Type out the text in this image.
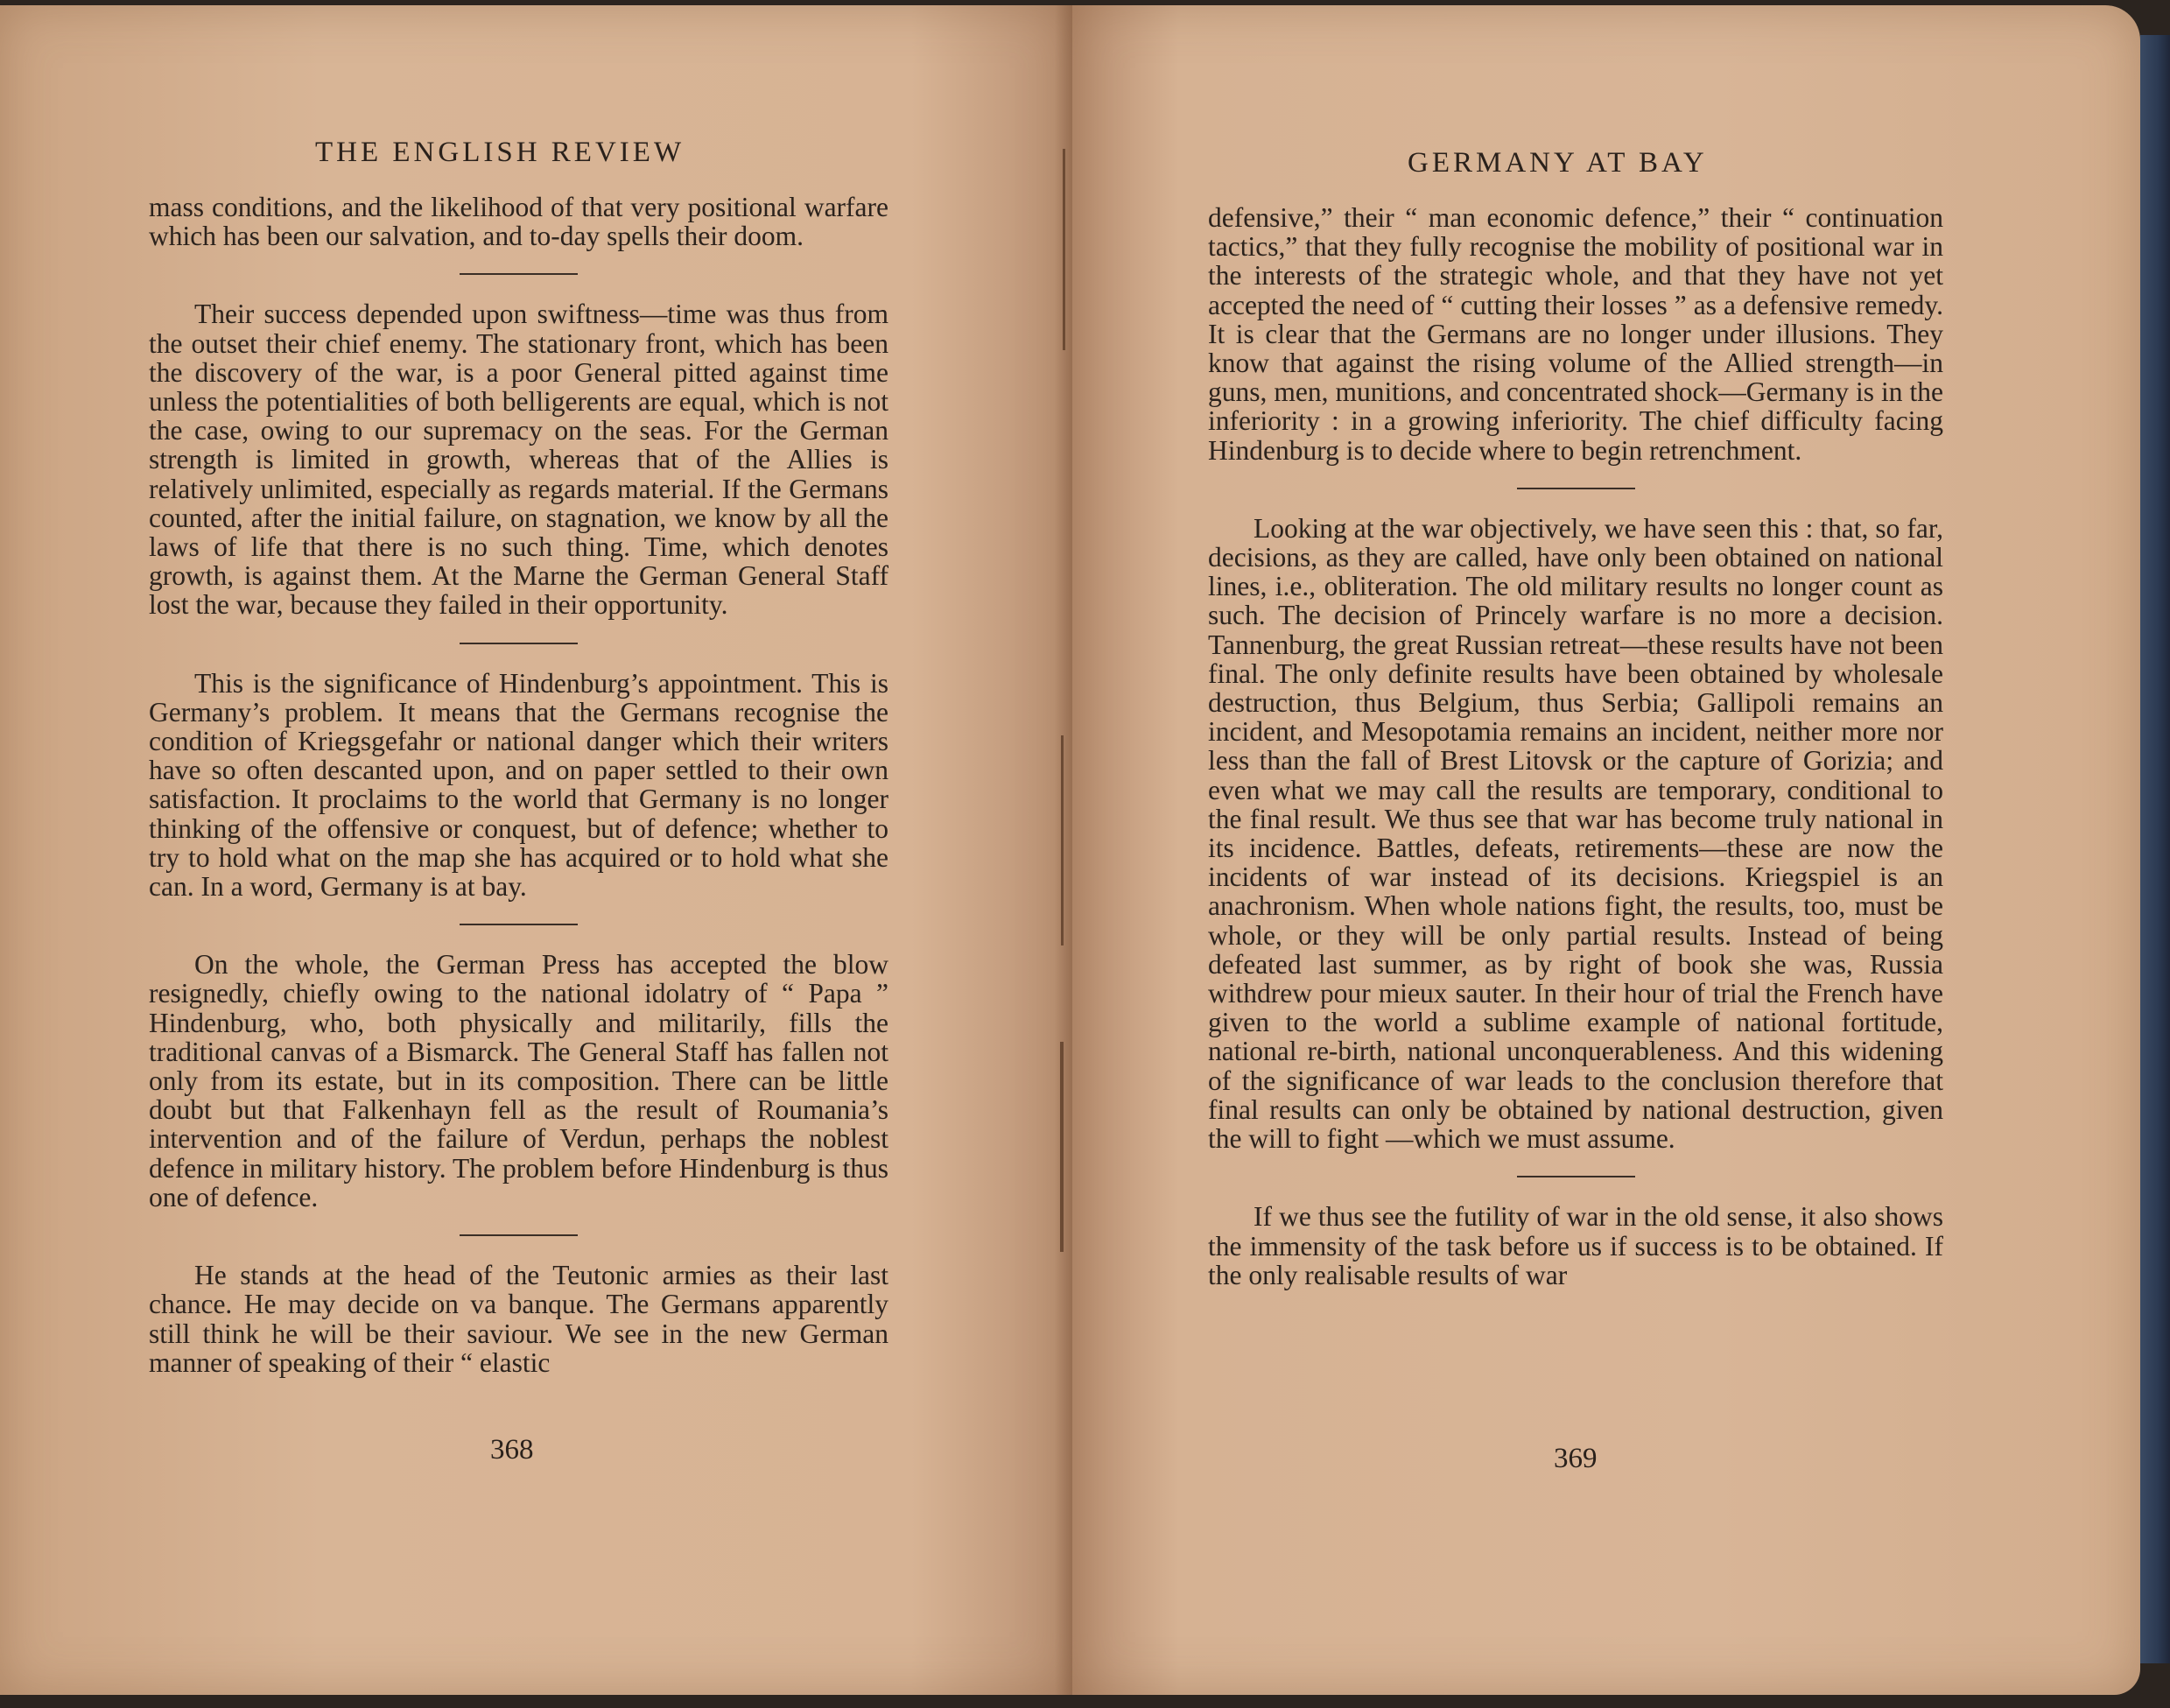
THE ENGLISH REVIEW

mass conditions, and the likelihood of that very positional warfare which has been our salvation, and to-day spells their doom.

Their success depended upon swiftness—time was thus from the outset their chief enemy. The stationary front, which has been the discovery of the war, is a poor General pitted against time unless the potentialities of both belligerents are equal, which is not the case, owing to our supremacy on the seas. For the German strength is limited in growth, whereas that of the Allies is relatively unlimited, especially as regards material. If the Germans counted, after the initial failure, on stagnation, we know by all the laws of life that there is no such thing. Time, which denotes growth, is against them. At the Marne the German General Staff lost the war, because they failed in their opportunity.

This is the significance of Hindenburg’s appointment. This is Germany’s problem. It means that the Germans recognise the condition of Kriegsgefahr or national danger which their writers have so often descanted upon, and on paper settled to their own satisfaction. It proclaims to the world that Germany is no longer thinking of the offensive or conquest, but of defence; whether to try to hold what on the map she has acquired or to hold what she can. In a word, Germany is at bay.

On the whole, the German Press has accepted the blow resignedly, chiefly owing to the national idolatry of “ Papa ” Hindenburg, who, both physically and militarily, fills the traditional canvas of a Bismarck. The General Staff has fallen not only from its estate, but in its composition. There can be little doubt but that Falkenhayn fell as the result of Roumania’s intervention and of the failure of Verdun, perhaps the noblest defence in military history. The problem before Hindenburg is thus one of defence.

He stands at the head of the Teutonic armies as their last chance. He may decide on va banque. The Germans apparently still think he will be their saviour. We see in the new German manner of speaking of their “ elastic

368
GERMANY AT BAY

defensive,” their “ man economic defence,” their “ continuation tactics,” that they fully recognise the mobility of positional war in the interests of the strategic whole, and that they have not yet accepted the need of “ cutting their losses ” as a defensive remedy. It is clear that the Germans are no longer under illusions. They know that against the rising volume of the Allied strength—in guns, men, munitions, and concentrated shock—Germany is in the inferiority : in a growing inferiority. The chief difficulty facing Hindenburg is to decide where to begin retrenchment.

Looking at the war objectively, we have seen this : that, so far, decisions, as they are called, have only been obtained on national lines, i.e., obliteration. The old military results no longer count as such. The decision of Princely warfare is no more a decision. Tannenburg, the great Russian retreat—these results have not been final. The only definite results have been obtained by wholesale destruction, thus Belgium, thus Serbia; Gallipoli remains an incident, and Mesopotamia remains an incident, neither more nor less than the fall of Brest Litovsk or the capture of Gorizia; and even what we may call the results are temporary, conditional to the final result. We thus see that war has become truly national in its incidence. Battles, defeats, retirements—these are now the incidents of war instead of its decisions. Kriegspiel is an anachronism. When whole nations fight, the results, too, must be whole, or they will be only partial results. Instead of being defeated last summer, as by right of book she was, Russia withdrew pour mieux sauter. In their hour of trial the French have given to the world a sublime example of national fortitude, national re-birth, national unconquerableness. And this widening of the significance of war leads to the conclusion therefore that final results can only be obtained by national destruction, given the will to fight —which we must assume.

If we thus see the futility of war in the old sense, it also shows the immensity of the task before us if success is to be obtained. If the only realisable results of war

369
